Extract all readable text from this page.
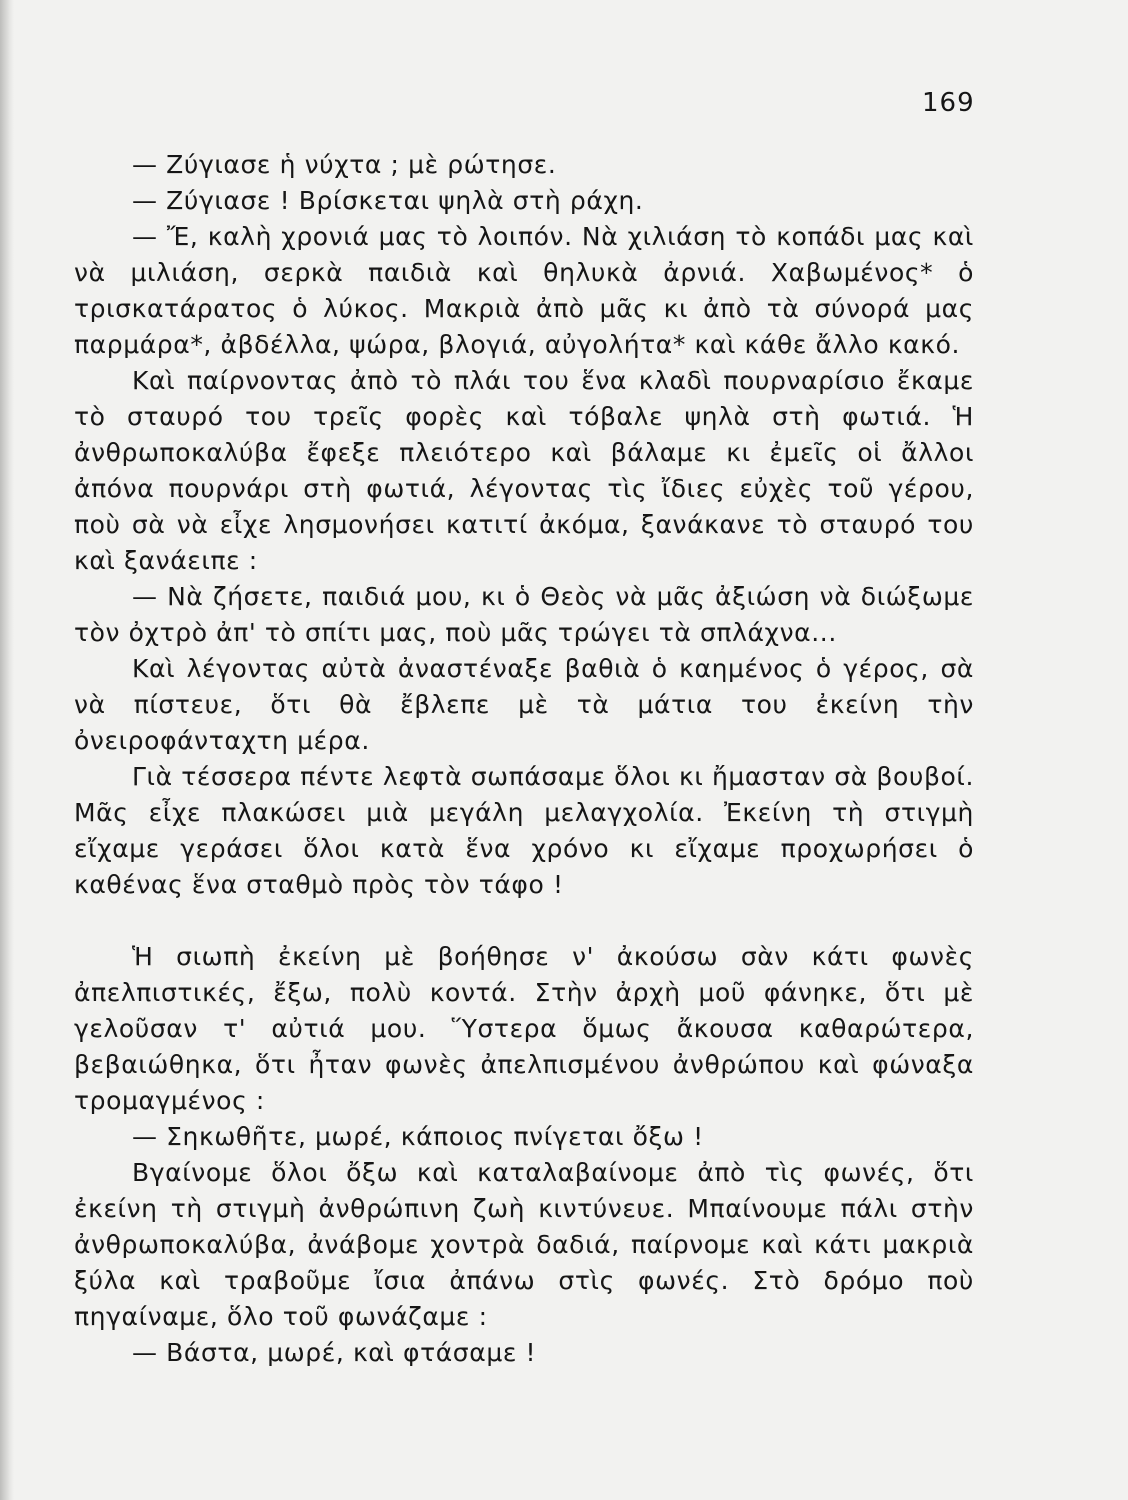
169

— Ζύγιασε ἡ νύχτα ; μὲ ρώτησε.

— Ζύγιασε ! Βρίσκεται ψηλὰ στὴ ράχη.

— Ἔ, καλὴ χρονιά μας τὸ λοιπόν. Νὰ χιλιάση τὸ κοπάδι μας καὶ νὰ μιλιάση, σερκὰ παιδιὰ καὶ θηλυκὰ ἀρνιά. Χαβωμένος* ὁ τρισκατάρατος ὁ λύκος. Μακριὰ ἀπὸ μᾶς κι ἀπὸ τὰ σύνορά μας παρμάρα*, ἀβδέλλα, ψώρα, βλογιά, αὐγολήτα* καὶ κάθε ἄλλο κακό.

Καὶ παίρνοντας ἀπὸ τὸ πλάι του ἕνα κλαδὶ πουρναρίσιο ἔκαμε τὸ σταυρό του τρεῖς φορὲς καὶ τόβαλε ψηλὰ στὴ φωτιά. Ἡ ἀνθρωποκαλύβα ἔφεξε πλειότερο καὶ βάλαμε κι ἐμεῖς οἱ ἄλλοι ἀπόνα πουρνάρι στὴ φωτιά, λέγοντας τὶς ἴδιες εὐχὲς τοῦ γέρου, ποὺ σὰ νὰ εἶχε λησμονήσει κατιτί ἀκόμα, ξανάκανε τὸ σταυρό του καὶ ξανάειπε :

— Νὰ ζήσετε, παιδιά μου, κι ὁ Θεὸς νὰ μᾶς ἀξιώση νὰ διώξωμε τὸν ὀχτρὸ ἀπ' τὸ σπίτι μας, ποὺ μᾶς τρώγει τὰ σπλάχνα...

Καὶ λέγοντας αὐτὰ ἀναστέναξε βαθιὰ ὁ καημένος ὁ γέρος, σὰ νὰ πίστευε, ὅτι θὰ ἔβλεπε μὲ τὰ μάτια του ἐκείνη τὴν ὀνειροφάνταχτη μέρα.

Γιὰ τέσσερα πέντε λεφτὰ σωπάσαμε ὅλοι κι ἤμασταν σὰ βουβοί. Μᾶς εἶχε πλακώσει μιὰ μεγάλη μελαγχολία. Ἐκείνη τὴ στιγμὴ εἴχαμε γεράσει ὅλοι κατὰ ἕνα χρόνο κι εἴχαμε προχωρήσει ὁ καθένας ἕνα σταθμὸ πρὸς τὸν τάφο !

Ἡ σιωπὴ ἐκείνη μὲ βοήθησε ν' ἀκούσω σὰν κάτι φωνὲς ἀπελπιστικές, ἔξω, πολὺ κοντά. Στὴν ἀρχὴ μοῦ φάνηκε, ὅτι μὲ γελοῦσαν τ' αὐτιά μου. Ὕστερα ὅμως ἄκουσα καθαρώτερα, βεβαιώθηκα, ὅτι ἦταν φωνὲς ἀπελπισμένου ἀνθρώπου καὶ φώναξα τρομαγμένος :

— Σηκωθῆτε, μωρέ, κάποιος πνίγεται ὄξω !

Βγαίνομε ὅλοι ὄξω καὶ καταλαβαίνομε ἀπὸ τὶς φωνές, ὅτι ἐκείνη τὴ στιγμὴ ἀνθρώπινη ζωὴ κιντύνευε. Μπαίνουμε πάλι στὴν ἀνθρωποκαλύβα, ἀνάβομε χοντρὰ δαδιά, παίρνομε καὶ κάτι μακριὰ ξύλα καὶ τραβοῦμε ἴσια ἀπάνω στὶς φωνές. Στὸ δρόμο ποὺ πηγαίναμε, ὅλο τοῦ φωνάζαμε :

— Βάστα, μωρέ, καὶ φτάσαμε !
